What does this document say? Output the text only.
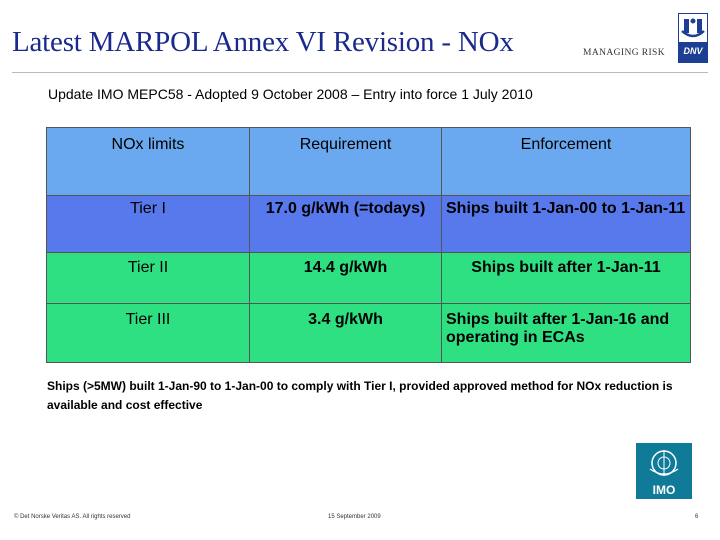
Latest MARPOL Annex VI Revision - NOx	MANAGING RISK	DNV
Update IMO MEPC58 - Adopted 9 October 2008 – Entry into force 1 July 2010
NOx limits	Requirement	Enforcement
Tier I	17.0 g/kWh (=todays)	Ships built 1-Jan-00 to 1-Jan-11
Tier II	14.4 g/kWh	Ships built after 1-Jan-11
Tier III	3.4 g/kWh	Ships built after 1-Jan-16 and operating in ECAs
Ships (>5MW) built 1-Jan-90 to 1-Jan-00 to comply with Tier I, provided approved method for NOx reduction is available and cost effective
IMO
© Det Norske Veritas AS. All rights reserved	15 September 2009	6
